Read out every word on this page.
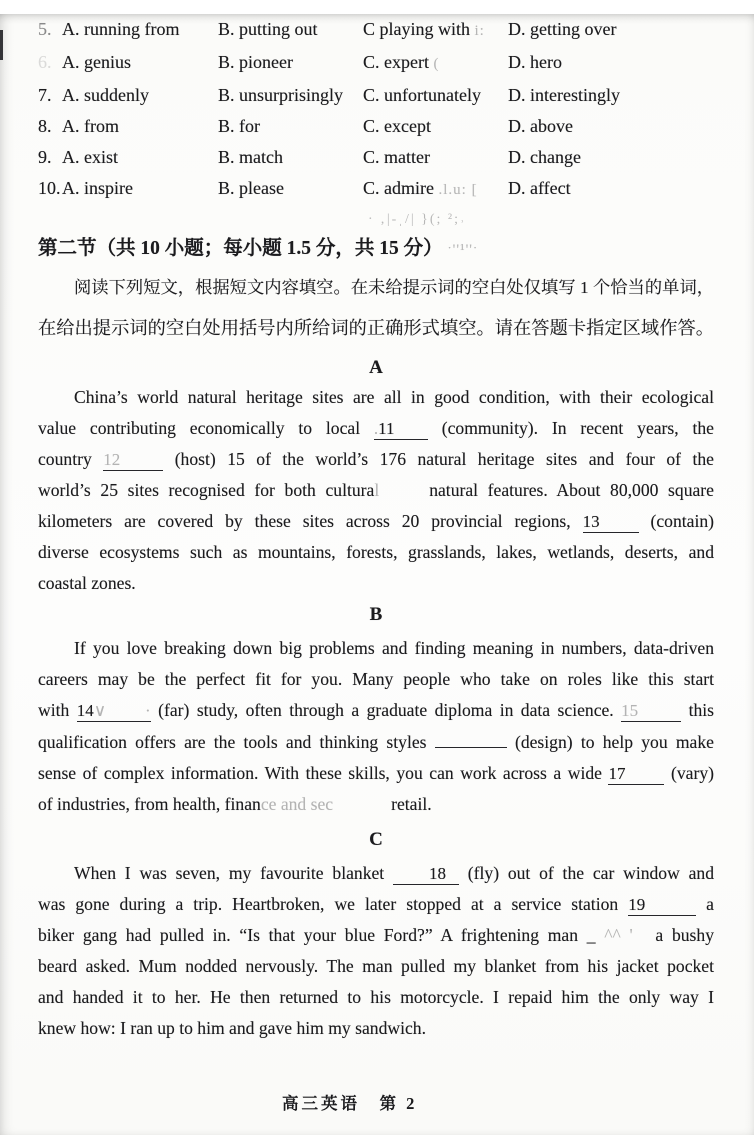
5. A. running from	B. putting out	C playing with i:	D. getting over
6. A. genius	B. pioneer	C. expert (	D. hero
7. A. suddenly	B. unsurprisingly	C. unfortunately	D. interestingly
8. A. from	B. for	C. except	D. above
9. A. exist	B. match	C. matter	D. change
10.A. inspire	B. please	C. admire .l.u: [	D. affect
· ‚|-ˌ/| }(; ²;˒
第二节（共 10 小题；每小题 1.5 分，共 15 分） ˑ''¹''ˑ
阅读下列短文，根据短文内容填空。在未给提示词的空白处仅填写 1 个恰当的单词，
在给出提示词的空白处用括号内所给词的正确形式填空。请在答题卡指定区域作答。
A
China’s world natural heritage sites are all in good condition, with their ecological
value contributing economically to local .11 (community). In recent years, the
country 12 (host) 15 of the world’s 176 natural heritage sites and four of the
world’s 25 sites recognised for both cultural	natural features. About 80,000 square
kilometers are covered by these sites across 20 provincial regions, 13 (contain)
diverse ecosystems such as mountains, forests, grasslands, lakes, wetlands, deserts, and
coastal zones.
B
If you love breaking down big problems and finding meaning in numbers, data-driven
careers may be the perfect fit for you. Many people who take on roles like this start
with 14∨ · (far) study, often through a graduate diploma in data science. 15 this
qualification offers are the tools and thinking styles	(design) to help you make
sense of complex information. With these skills, you can work across a wide 17 (vary)
of industries, from health, finance and sec	retail.
C
When I was seven, my favourite blanket 18 (fly) out of the car window and
was gone during a trip. Heartbroken, we later stopped at a service station 19	a
biker gang had pulled in. “Is that your blue Ford?” A frightening man _ ^^ ' a bushy
beard asked. Mum nodded nervously. The man pulled my blanket from his jacket pocket
and handed it to her. He then returned to his motorcycle. I repaid him the only way I
knew how: I ran up to him and gave him my sandwich.
高三英语　第 2
